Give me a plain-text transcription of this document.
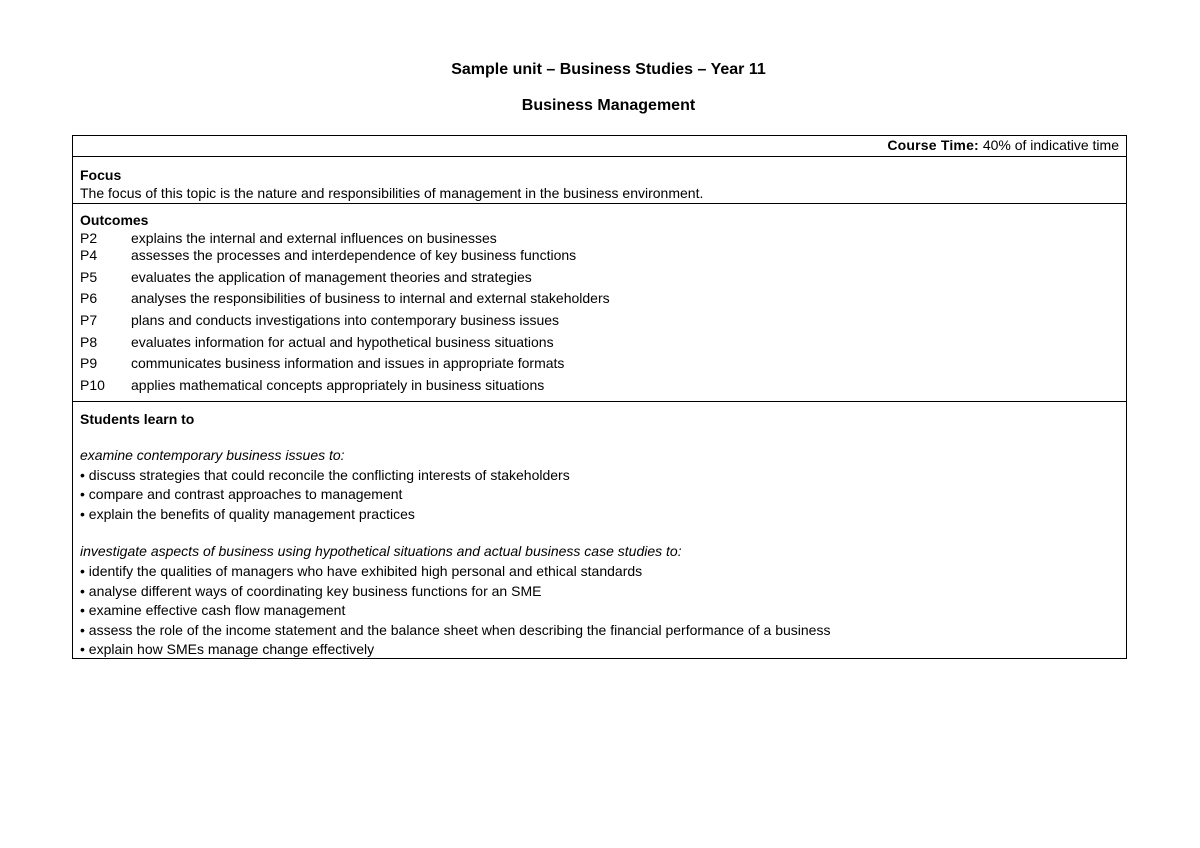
Sample unit – Business Studies – Year 11
Business Management
Course Time: 40% of indicative time
Focus
The focus of this topic is the nature and responsibilities of management in the business environment.
Outcomes
P2	explains the internal and external influences on businesses
P4	assesses the processes and interdependence of key business functions
P5	evaluates the application of management theories and strategies
P6	analyses the responsibilities of business to internal and external stakeholders
P7	plans and conducts investigations into contemporary business issues
P8	evaluates information for actual and hypothetical business situations
P9	communicates business information and issues in appropriate formats
P10	applies mathematical concepts appropriately in business situations
Students learn to
examine contemporary business issues to:
• discuss strategies that could reconcile the conflicting interests of stakeholders
• compare and contrast approaches to management
• explain the benefits of quality management practices
investigate aspects of business using hypothetical situations and actual business case studies to:
• identify the qualities of managers who have exhibited high personal and ethical standards
• analyse different ways of coordinating key business functions for an SME
• examine effective cash flow management
• assess the role of the income statement and the balance sheet when describing the financial performance of a business
• explain how SMEs manage change effectively
